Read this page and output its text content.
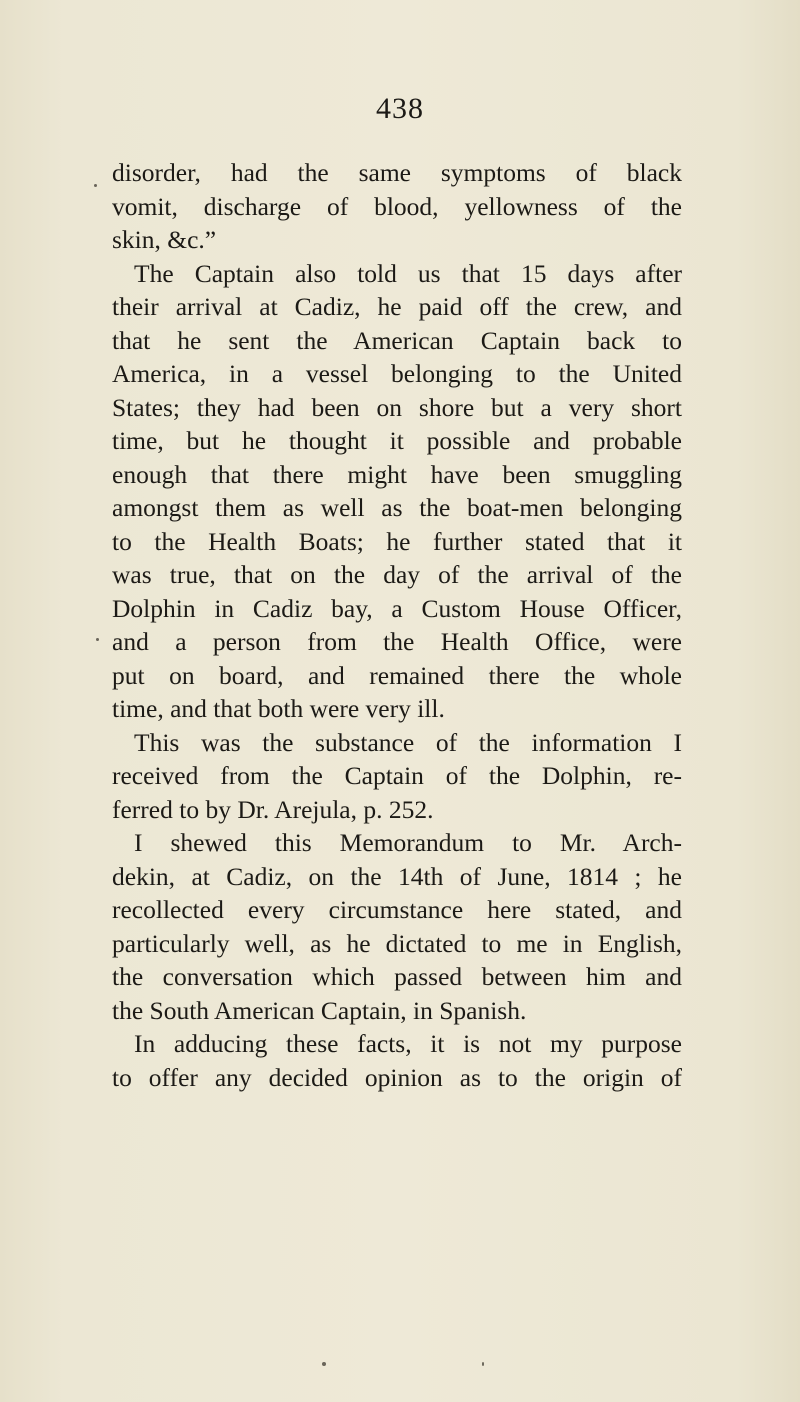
438
disorder, had the same symptoms of black
vomit, discharge of blood, yellowness of the
skin, &c.”
The Captain also told us that 15 days after
their arrival at Cadiz, he paid off the crew, and
that he sent the American Captain back to
America, in a vessel belonging to the United
States; they had been on shore but a very short
time, but he thought it possible and probable
enough that there might have been smuggling
amongst them as well as the boat-men belonging
to the Health Boats; he further stated that it
was true, that on the day of the arrival of the
Dolphin in Cadiz bay, a Custom House Officer,
and a person from the Health Office, were
put on board, and remained there the whole
time, and that both were very ill.
This was the substance of the information I
received from the Captain of the Dolphin, re-
ferred to by Dr. Arejula, p. 252.
I shewed this Memorandum to Mr. Arch-
dekin, at Cadiz, on the 14th of June, 1814 ; he
recollected every circumstance here stated, and
particularly well, as he dictated to me in English,
the conversation which passed between him and
the South American Captain, in Spanish.
In adducing these facts, it is not my purpose
to offer any decided opinion as to the origin of
